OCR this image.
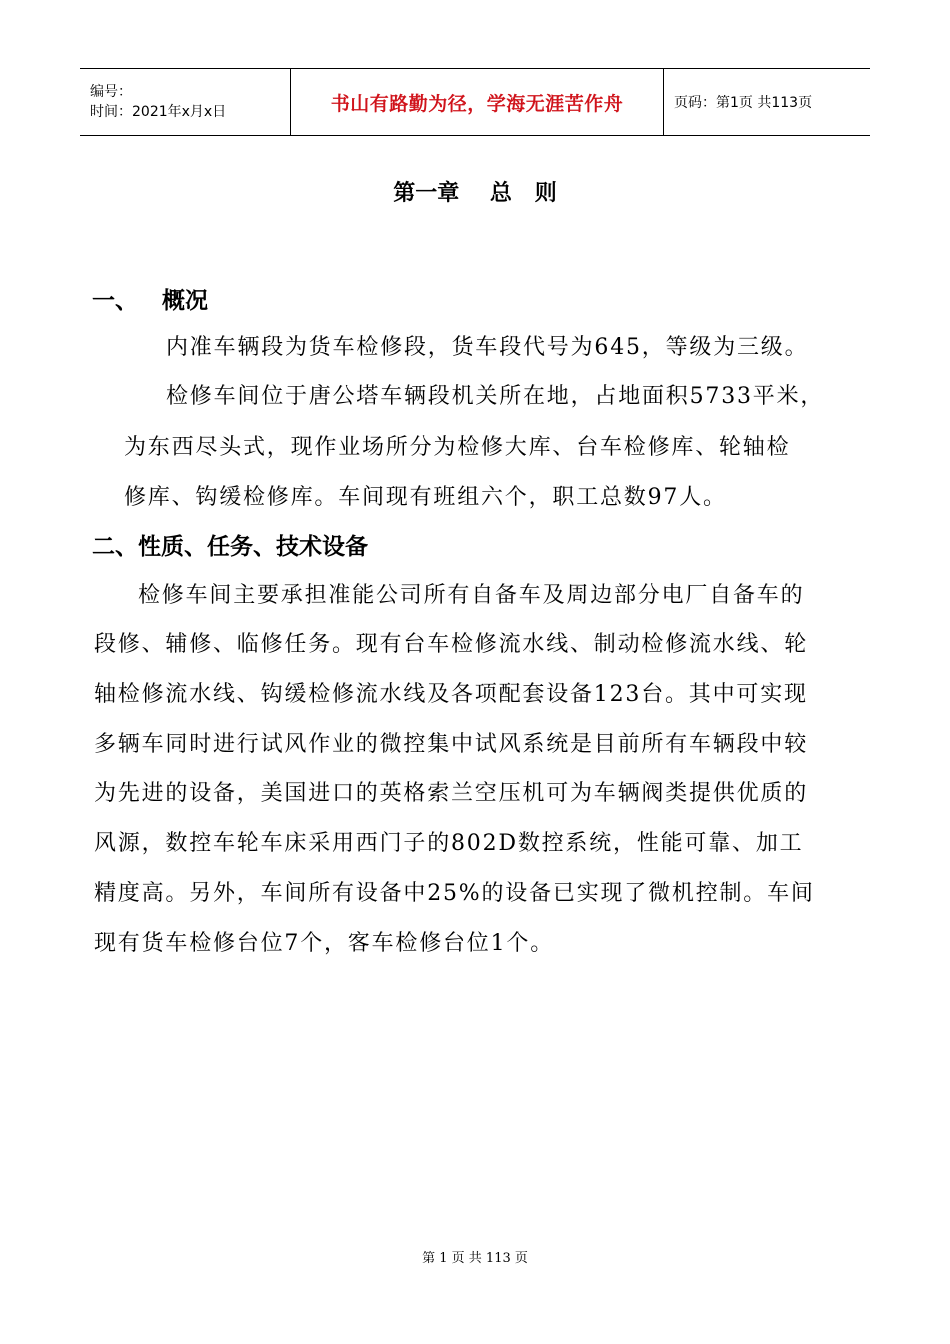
编号：
时间：2021年x月x日	书山有路勤为径，学海无涯苦作舟	页码：第1页 共113页
第一章    总   则
一、   概况
内准车辆段为货车检修段，货车段代号为645，等级为三级。
检修车间位于唐公塔车辆段机关所在地，占地面积5733平米，
为东西尽头式，现作业场所分为检修大库、台车检修库、轮轴检
修库、钩缓检修库。车间现有班组六个，职工总数97人。
二、性质、任务、技术设备
检修车间主要承担准能公司所有自备车及周边部分电厂自备车的
段修、辅修、临修任务。现有台车检修流水线、制动检修流水线、轮
轴检修流水线、钩缓检修流水线及各项配套设备123台。其中可实现
多辆车同时进行试风作业的微控集中试风系统是目前所有车辆段中较
为先进的设备，美国进口的英格索兰空压机可为车辆阀类提供优质的
风源，数控车轮车床采用西门子的802D数控系统，性能可靠、加工
精度高。另外，车间所有设备中25%的设备已实现了微机控制。车间
现有货车检修台位7个，客车检修台位1个。
第 1 页 共 113 页
